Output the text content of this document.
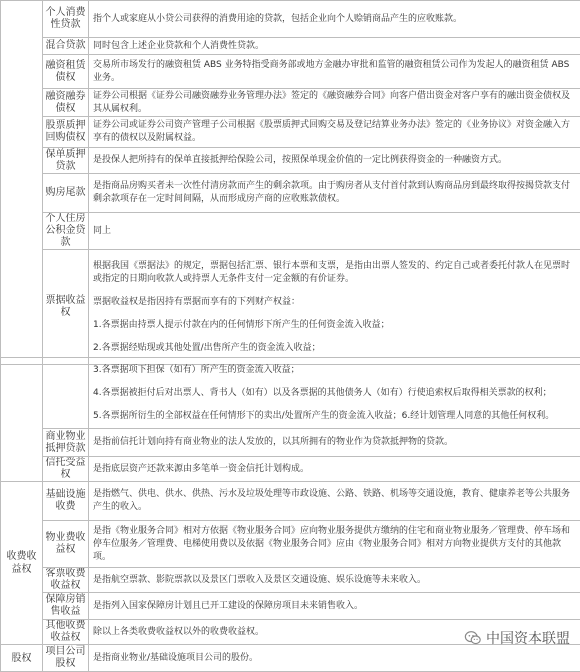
	个人消费性贷款	指个人或家庭从小贷公司获得的消费用途的贷款，包括企业向个人赊销商品产生的应收账款。
	混合贷款	同时包含上述企业贷款和个人消费性贷款。
	融资租赁债权	交易所市场发行的融资租赁 ABS 业务特指受商务部或地方金融办审批和监管的融资租赁公司作为发起人的融资租赁 ABS 业务。
	融资融券债权	证券公司根据《证券公司融资融券业务管理办法》签定的《融资融券合同》向客户借出资金对客户享有的融出资金债权及其从属权利。
	股票质押回购债权	证券公司或证券公司资产管理子公司根据《股票质押式回购交易及登记结算业务办法》签定的《业务协议》对资金融入方享有的债权以及附属权益。
	保单质押贷款	是投保人把所持有的保单直接抵押给保险公司，按照保单现金价值的一定比例获得资金的一种融资方式。
	购房尾款	是指商品房购买者未一次性付清房款而产生的剩余款项。由于购房者从支付首付款到认购商品房到最终取得按揭贷款支付剩余款项存在一定时间间隔，从而形成房产商的应收账款债权。
	个人住房公积金贷款	同上
	票据收益权	根据我国《票据法》的规定，票据包括汇票、银行本票和支票，是指由出票人签发的、约定自己或者委托付款人在见票时或指定的日期向收款人或持票人无条件支付一定金额的有价证券。

票据收益权是指因持有票据而享有的下列财产权益：

1.各票据由持票人提示付款在内的任何情形下所产生的任何资金流入收益；

2.各票据经贴现或其他处置/出售所产生的资金流入收益；

		3.各票据项下担保（如有）所产生的资金流入收益；

4.各票据被拒付后对出票人、背书人（如有）以及各票据的其他债务人（如有）行使追索权后取得相关票款的权利；

5.各票据所衍生的全部权益在任何情形下的卖出/处置所产生的资金流入收益；6.经计划管理人同意的其他任何权利。

	商业物业抵押贷款	是指前信托计划向持有商业物业的法人发放的，以其所拥有的物业作为贷款抵押物的贷款。
	信托受益权	是指底层资产还款来源由多笔单一资金信托计划构成。
收费收益权	基础设施收费	是指燃气、供电、供水、供热、污水及垃圾处理等市政设施、公路、铁路、机场等交通设施，教育、健康养老等公共服务产生的收入。
	物业费收益权	是指《物业服务合同》相对方依据《物业服务合同》应向物业服务提供方缴纳的住宅和商业物业服务／管理费、停车场和停车位服务／管理费、电梯使用费以及依据《物业服务合同》应由《物业服务合同》相对方向物业提供方支付的其他款项。
	客票收费收益权	是指航空票款、影院票款以及景区门票收入及景区交通设施、娱乐设施等未来收入。
	保障房销售收益	是指列入国家保障房计划且已开工建设的保障房项目未来销售收入。
	其他收费收益权	除以上各类收费收益权以外的收费收益权。
股权	项目公司股权	是指商业物业/基础设施项目公司的股份。
中国资本联盟
